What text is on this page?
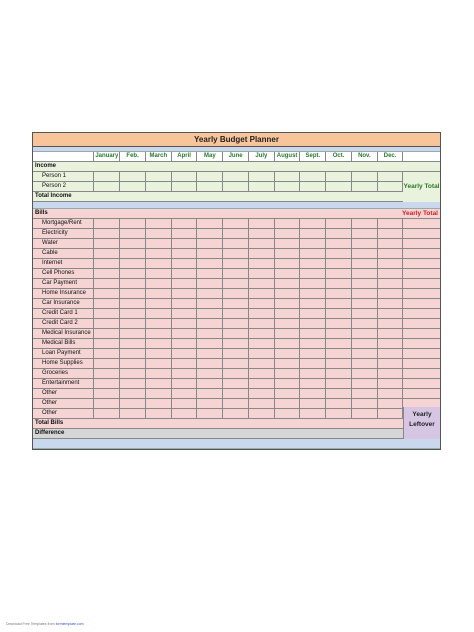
Yearly Budget Planner
January	Feb.	March	April	May	June	July	August	Sept.	Oct.	Nov.	Dec.
Income
Person 1
Person 2
Total Income
Yearly Total
Bills	Yearly Total
Mortgage/Rent
Electricity
Water
Cable
Internet
Cell Phones
Car Payment
Home Insurance
Car Insurance
Credit Card 1
Credit Card 2
Medical Insurance
Medical Bills
Loan Payment
Home Supplies
Groceries
Entertainment
Other
Other
Other
Total Bills
Difference
Yearly
Leftover
Download Free Templates from formtemplate.com
